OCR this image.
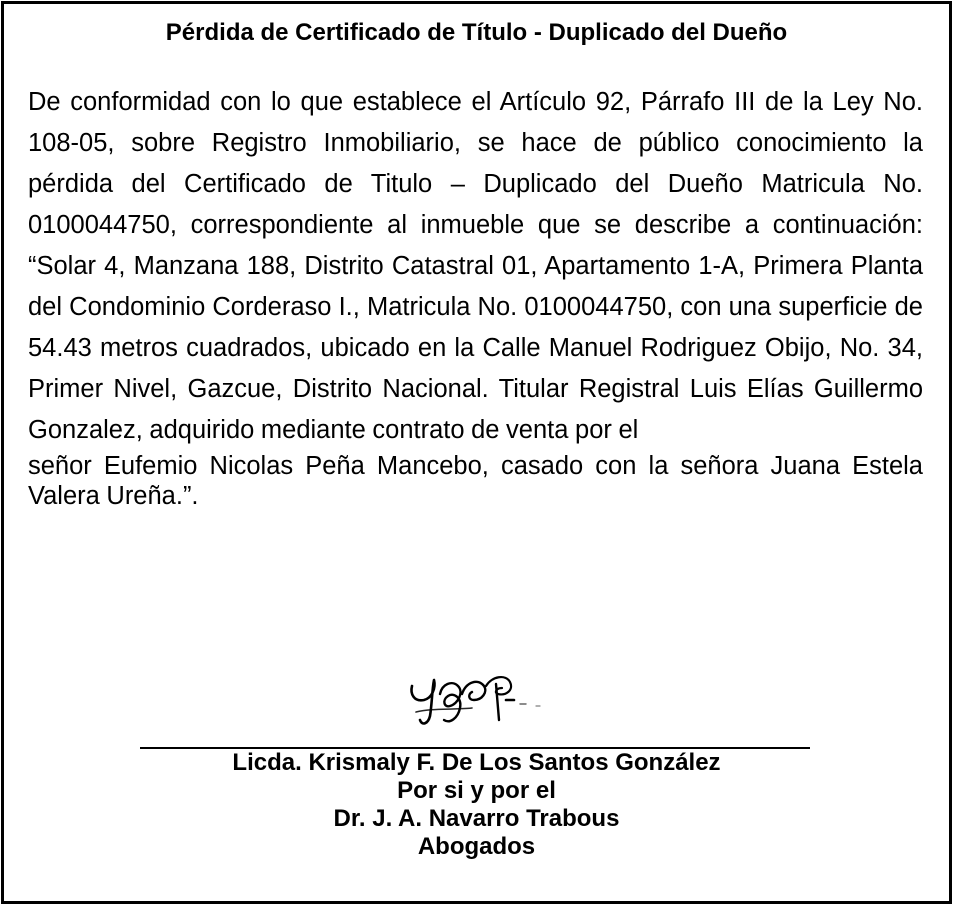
Pérdida de Certificado de Título - Duplicado del Dueño

De conformidad con lo que establece el Artículo 92, Párrafo III de la Ley No. 108-05, sobre Registro Inmobiliario, se hace de público conocimiento la pérdida del Certificado de Titulo – Duplicado del Dueño Matricula No. 0100044750, correspondiente al inmueble que se describe a continuación: “Solar 4, Manzana 188, Distrito Catastral 01, Apartamento 1-A, Primera Planta del Condominio Corderaso I., Matricula No. 0100044750, con una superficie de 54.43 metros cuadrados, ubicado en la Calle Manuel Rodriguez Obijo, No. 34, Primer Nivel, Gazcue, Distrito Nacional. Titular Registral Luis Elías Guillermo Gonzalez, adquirido mediante contrato de venta por el
señor Eufemio Nicolas Peña Mancebo, casado con la señora Juana Estela Valera Ureña.”.

Licda. Krismaly F. De Los Santos González
Por si y por el
Dr. J. A. Navarro Trabous
Abogados
